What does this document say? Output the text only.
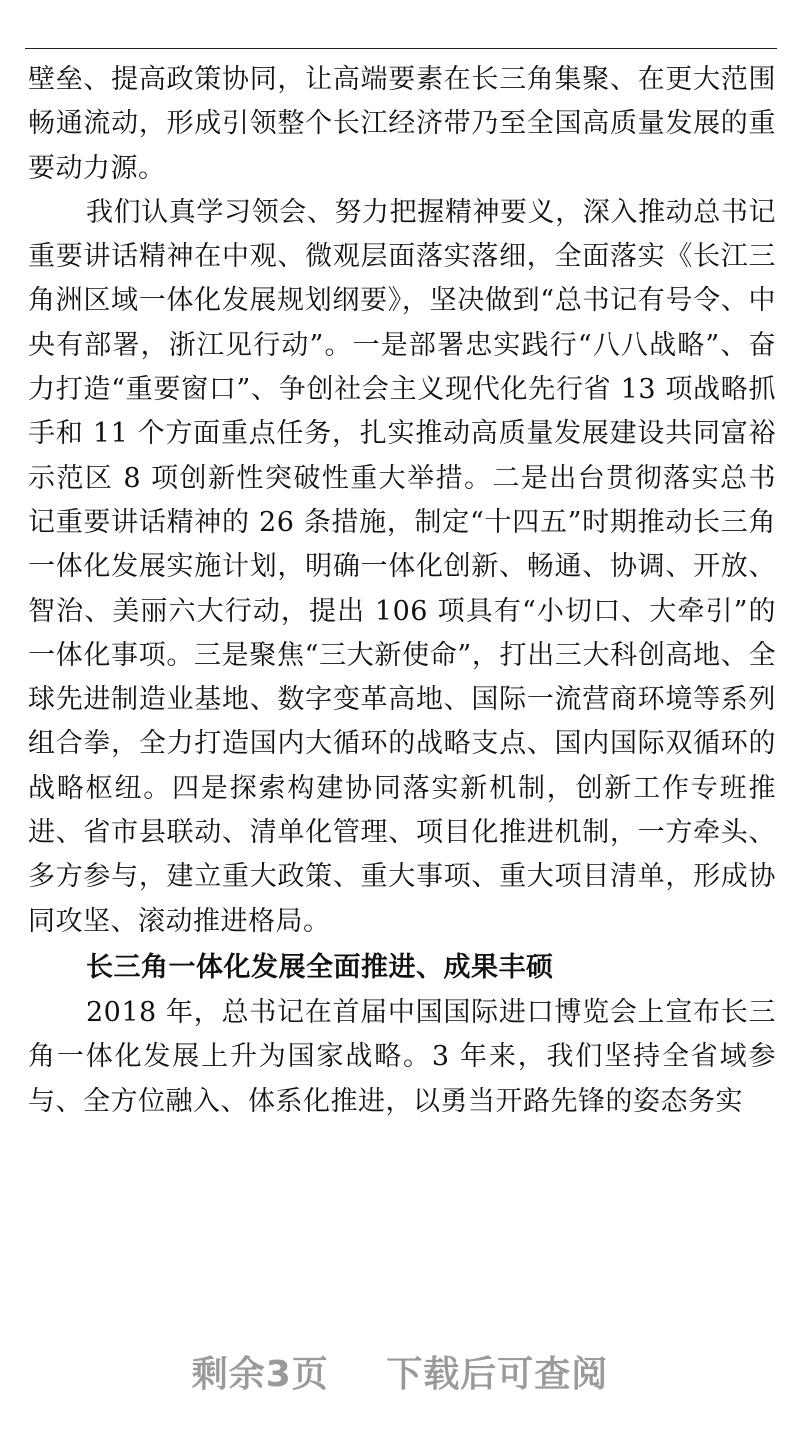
壁垒、提高政策协同，让高端要素在长三角集聚、在更大范围畅通流动，形成引领整个长江经济带乃至全国高质量发展的重要动力源。

我们认真学习领会、努力把握精神要义，深入推动总书记重要讲话精神在中观、微观层面落实落细，全面落实《长江三角洲区域一体化发展规划纲要》，坚决做到“总书记有号令、中央有部署，浙江见行动”。一是部署忠实践行“八八战略”、奋力打造“重要窗口”、争创社会主义现代化先行省 13 项战略抓手和 11 个方面重点任务，扎实推动高质量发展建设共同富裕示范区 8 项创新性突破性重大举措。二是出台贯彻落实总书记重要讲话精神的 26 条措施，制定“十四五”时期推动长三角一体化发展实施计划，明确一体化创新、畅通、协调、开放、智治、美丽六大行动，提出 106 项具有“小切口、大牵引”的一体化事项。三是聚焦“三大新使命”，打出三大科创高地、全球先进制造业基地、数字变革高地、国际一流营商环境等系列组合拳，全力打造国内大循环的战略支点、国内国际双循环的战略枢纽。四是探索构建协同落实新机制，创新工作专班推进、省市县联动、清单化管理、项目化推进机制，一方牵头、多方参与，建立重大政策、重大事项、重大项目清单，形成协同攻坚、滚动推进格局。

长三角一体化发展全面推进、成果丰硕

2018 年，总书记在首届中国国际进口博览会上宣布长三角一体化发展上升为国家战略。3 年来，我们坚持全省域参与、全方位融入、体系化推进，以勇当开路先锋的姿态务实

剩余3页 下载后可查阅
